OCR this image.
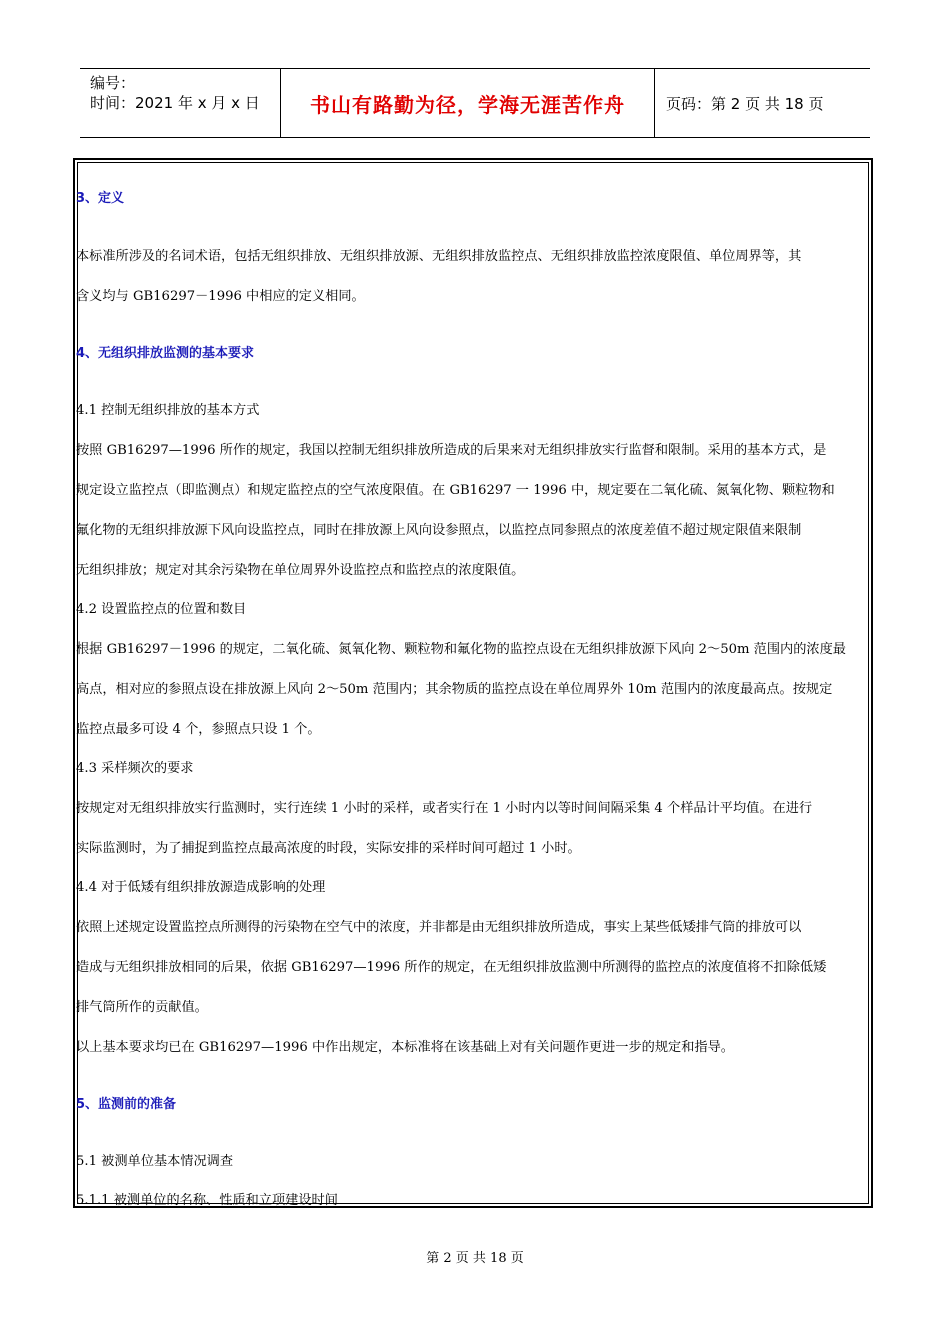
编号：
时间：2021 年 x 月 x 日	书山有路勤为径，学海无涯苦作舟	页码：第 2 页 共 18 页
3、定义
本标准所涉及的名词术语，包括无组织排放、无组织排放源、无组织排放监控点、无组织排放监控浓度限值、单位周界等，其
含义均与 GB16297－1996 中相应的定义相同。
4、无组织排放监测的基本要求
4.1 控制无组织排放的基本方式
按照 GB16297—1996 所作的规定，我国以控制无组织排放所造成的后果来对无组织排放实行监督和限制。采用的基本方式，是
规定设立监控点（即监测点）和规定监控点的空气浓度限值。在 GB16297 一 1996 中，规定要在二氧化硫、氮氧化物、颗粒物和
氟化物的无组织排放源下风向设监控点，同时在排放源上风向设参照点，以监控点同参照点的浓度差值不超过规定限值来限制
无组织排放；规定对其余污染物在单位周界外设监控点和监控点的浓度限值。
4.2 设置监控点的位置和数目
根据 GB16297－1996 的规定，二氧化硫、氮氧化物、颗粒物和氟化物的监控点设在无组织排放源下风向 2～50m 范围内的浓度最
高点，相对应的参照点设在排放源上风向 2～50m 范围内；其余物质的监控点设在单位周界外 10m 范围内的浓度最高点。按规定
监控点最多可设 4 个，参照点只设 1 个。
4.3 采样频次的要求
按规定对无组织排放实行监测时，实行连续 1 小时的采样，或者实行在 1 小时内以等时间间隔采集 4 个样品计平均值。在进行
实际监测时，为了捕捉到监控点最高浓度的时段，实际安排的采样时间可超过 1 小时。
4.4 对于低矮有组织排放源造成影响的处理
依照上述规定设置监控点所测得的污染物在空气中的浓度，并非都是由无组织排放所造成，事实上某些低矮排气筒的排放可以
造成与无组织排放相同的后果，依据 GB16297—1996 所作的规定，在无组织排放监测中所测得的监控点的浓度值将不扣除低矮
排气筒所作的贡献值。
以上基本要求均已在 GB16297—1996 中作出规定，本标准将在该基础上对有关问题作更进一步的规定和指导。
5、监测前的准备
5.1 被测单位基本情况调查
5.1.1 被测单位的名称、性质和立项建设时间
第 2 页 共 18 页
